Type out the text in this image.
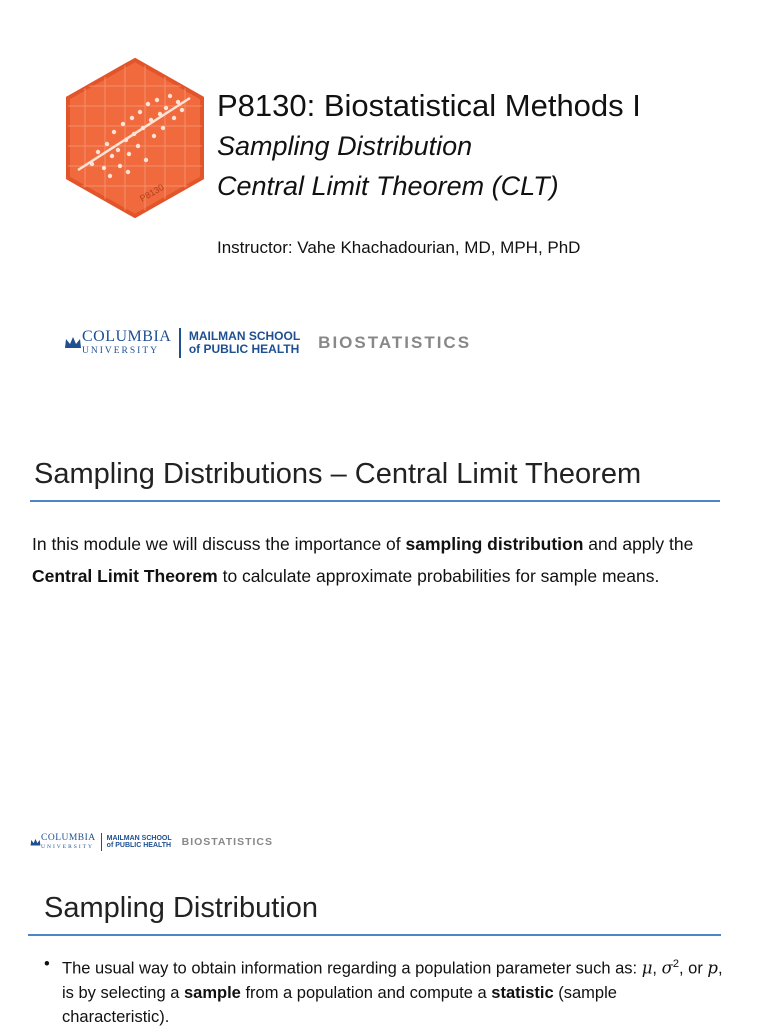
P8130
P8130: Biostatistical Methods I
Sampling Distribution
Central Limit Theorem (CLT)
Instructor: Vahe Khachadourian, MD, MPH, PhD
COLUMBIA
UNIVERSITY
MAILMAN SCHOOL
of PUBLIC HEALTH BIOSTATISTICS
Sampling Distributions – Central Limit Theorem

In this module we will discuss the importance of sampling distribution and apply the Central Limit Theorem to calculate approximate probabilities for sample means.

COLUMBIA
UNIVERSITY
MAILMAN SCHOOL
of PUBLIC HEALTH BIOSTATISTICS
Sampling Distribution
• The usual way to obtain information regarding a population parameter such as: μ, $\sigma^2$, or p, is by selecting a sample from a population and compute a statistic (sample characteristic).
